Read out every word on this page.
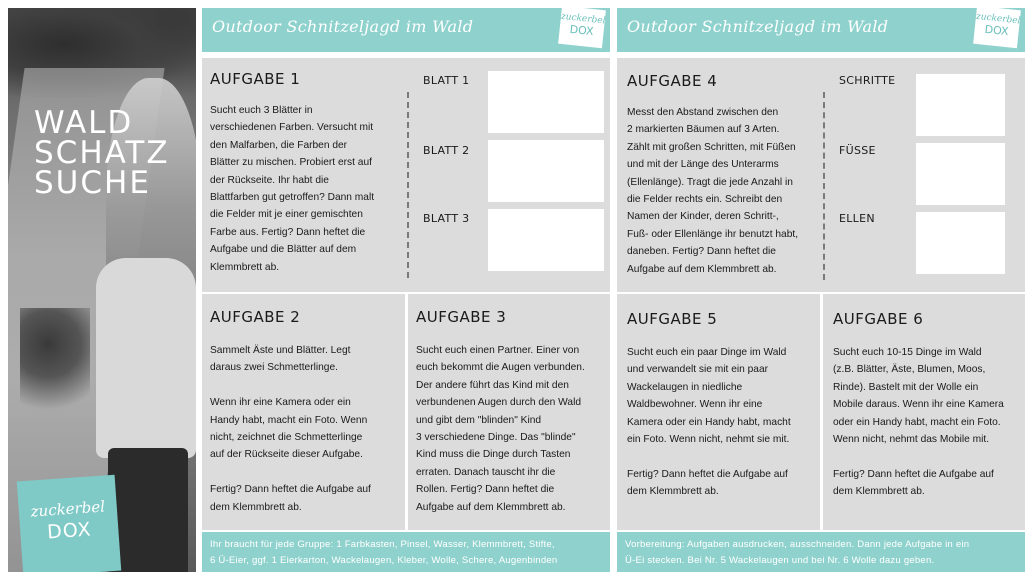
WALD
SCHATZ
SUCHE
zuckerbel
DOX
Outdoor Schnitzeljagd im Wald	zuckerbel
DOX
AUFGABE 1

Sucht euch 3 Blätter in
verschiedenen Farben. Versucht mit
den Malfarben, die Farben der
Blätter zu mischen. Probiert erst auf
der Rückseite. Ihr habt die
Blattfarben gut getroffen? Dann malt
die Felder mit je einer gemischten
Farbe aus. Fertig? Dann heftet die
Aufgabe und die Blätter auf dem
Klemmbrett ab.

BLATT 1
BLATT 2
BLATT 3
AUFGABE 2

Sammelt Äste und Blätter. Legt
daraus zwei Schmetterlinge.

Wenn ihr eine Kamera oder ein
Handy habt, macht ein Foto. Wenn
nicht, zeichnet die Schmetterlinge
auf der Rückseite dieser Aufgabe.

Fertig? Dann heftet die Aufgabe auf
dem Klemmbrett ab.

AUFGABE 3

Sucht euch einen Partner. Einer von
euch bekommt die Augen verbunden.
Der andere führt das Kind mit den
verbundenen Augen durch den Wald
und gibt dem "blinden" Kind
3 verschiedene Dinge. Das "blinde"
Kind muss die Dinge durch Tasten
erraten. Danach tauscht ihr die
Rollen. Fertig? Dann heftet die
Aufgabe auf dem Klemmbrett ab.

Ihr braucht für jede Gruppe: 1 Farbkasten, Pinsel, Wasser, Klemmbrett, Stifte,
6 Ü-Eier, ggf. 1 Eierkarton, Wackelaugen, Kleber, Wolle, Schere, Augenbinden
Outdoor Schnitzeljagd im Wald	zuckerbel
DOX
AUFGABE 4

Messt den Abstand zwischen den
2 markierten Bäumen auf 3 Arten.
Zählt mit großen Schritten, mit Füßen
und mit der Länge des Unterarms
(Ellenlänge). Tragt die jede Anzahl in
die Felder rechts ein. Schreibt den
Namen der Kinder, deren Schritt-,
Fuß- oder Ellenlänge ihr benutzt habt,
daneben. Fertig? Dann heftet die
Aufgabe auf dem Klemmbrett ab.

SCHRITTE
FÜSSE
ELLEN
AUFGABE 5

Sucht euch ein paar Dinge im Wald
und verwandelt sie mit ein paar
Wackelaugen in niedliche
Waldbewohner. Wenn ihr eine
Kamera oder ein Handy habt, macht
ein Foto. Wenn nicht, nehmt sie mit.

Fertig? Dann heftet die Aufgabe auf
dem Klemmbrett ab.

AUFGABE 6

Sucht euch 10-15 Dinge im Wald
(z.B. Blätter, Äste, Blumen, Moos,
Rinde). Bastelt mit der Wolle ein
Mobile daraus. Wenn ihr eine Kamera
oder ein Handy habt, macht ein Foto.
Wenn nicht, nehmt das Mobile mit.

Fertig? Dann heftet die Aufgabe auf
dem Klemmbrett ab.

Vorbereitung: Aufgaben ausdrucken, ausschneiden. Dann jede Aufgabe in ein
Ü-Ei stecken. Bei Nr. 5 Wackelaugen und bei Nr. 6 Wolle dazu geben.
